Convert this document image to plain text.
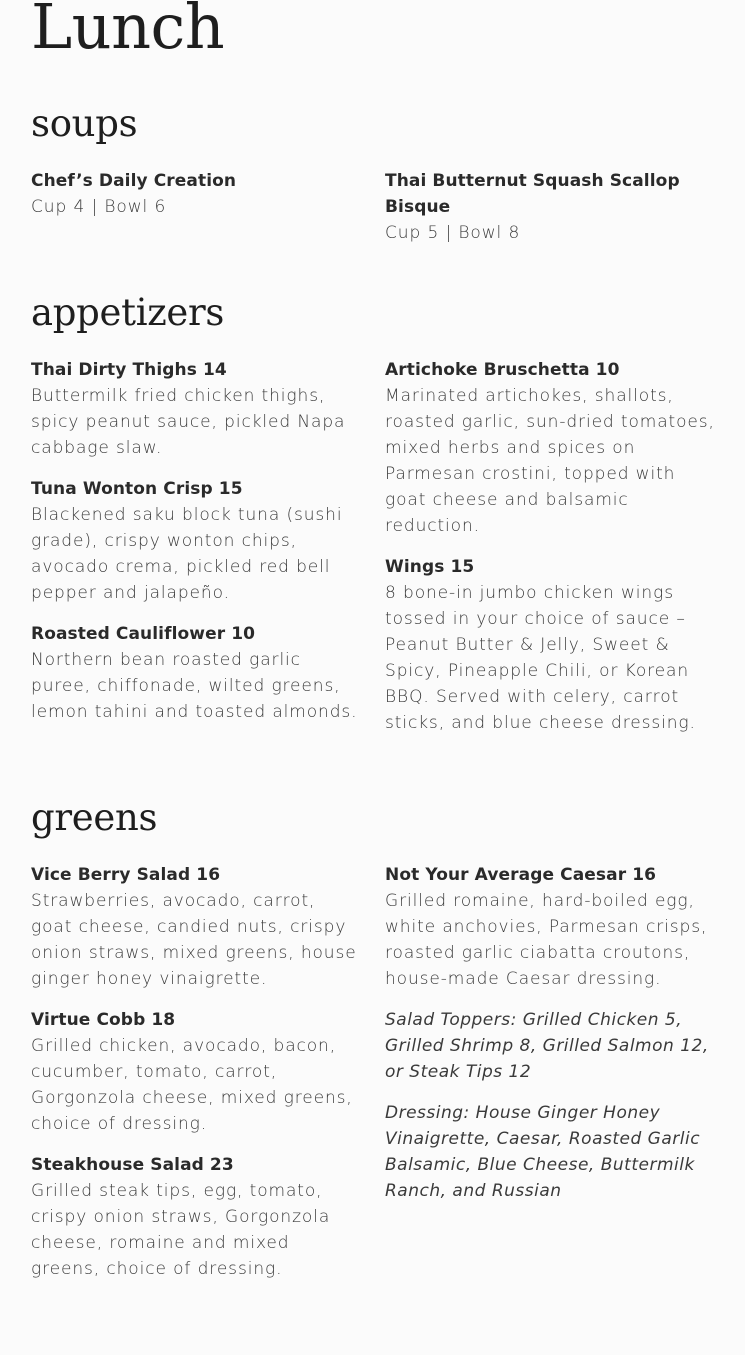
Lunch
soups
Chef’s Daily Creation
Cup 4 | Bowl 6
Thai Butternut Squash Scallop Bisque
Cup 5 | Bowl 8
appetizers
Thai Dirty Thighs 14
Buttermilk fried chicken thighs, spicy peanut sauce, pickled Napa cabbage slaw.
Tuna Wonton Crisp 15
Blackened saku block tuna (sushi grade), crispy wonton chips, avocado crema, pickled red bell pepper and jalapeño.
Roasted Cauliflower 10
Northern bean roasted garlic puree, chiffonade, wilted greens, lemon tahini and toasted almonds.
Artichoke Bruschetta 10
Marinated artichokes, shallots, roasted garlic, sun-dried tomatoes, mixed herbs and spices on Parmesan crostini, topped with goat cheese and balsamic reduction.
Wings 15
8 bone-in jumbo chicken wings tossed in your choice of sauce – Peanut Butter & Jelly, Sweet & Spicy, Pineapple Chili, or Korean BBQ. Served with celery, carrot sticks, and blue cheese dressing.
greens
Vice Berry Salad 16
Strawberries, avocado, carrot, goat cheese, candied nuts, crispy onion straws, mixed greens, house ginger honey vinaigrette.
Virtue Cobb 18
Grilled chicken, avocado, bacon, cucumber, tomato, carrot, Gorgonzola cheese, mixed greens, choice of dressing.
Steakhouse Salad 23
Grilled steak tips, egg, tomato, crispy onion straws, Gorgonzola cheese, romaine and mixed greens, choice of dressing.
Not Your Average Caesar 16
Grilled romaine, hard-boiled egg, white anchovies, Parmesan crisps, roasted garlic ciabatta croutons, house-made Caesar dressing.
Salad Toppers: Grilled Chicken 5, Grilled Shrimp 8, Grilled Salmon 12, or Steak Tips 12
Dressing: House Ginger Honey Vinaigrette, Caesar, Roasted Garlic Balsamic, Blue Cheese, Buttermilk Ranch, and Russian
